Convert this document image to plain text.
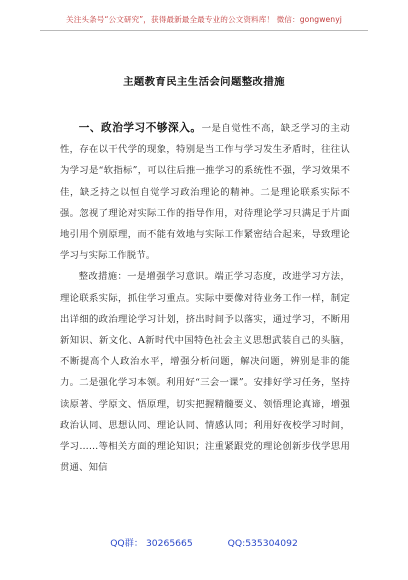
关注头条号“公文研究”，获得最新最全最专业的公文资料库！ 微信：gongwenyj
主题教育民主生活会问题整改措施

一、政治学习不够深入。一是自觉性不高，缺乏学习的主动性，存在以干代学的现象，特别是当工作与学习发生矛盾时，往往认为学习是“软指标”，可以往后推一推学习的系统性不强，学习效果不佳，缺乏持之以恒自觉学习政治理论的精神。二是理论联系实际不强。忽视了理论对实际工作的指导作用，对待理论学习只满足于片面地引用个别原理，而不能有效地与实际工作紧密结合起来，导致理论学习与实际工作脱节。

整改措施：一是增强学习意识。端正学习态度，改进学习方法，理论联系实际，抓住学习重点。实际中要像对待业务工作一样，制定出详细的政治理论学习计划，挤出时间予以落实，通过学习，不断用新知识、新文化、A新时代中国特色社会主义思想武装自己的头脑，不断提高个人政治水平，增强分析问题，解决问题，辨别是非的能力。二是强化学习本领。利用好“三会一课”。安排好学习任务，坚持读原著、学原文、悟原理，切实把握精髓要义、领悟理论真谛，增强政治认同、思想认同、理论认同、情感认同；利用好夜校学习时间，学习……等相关方面的理论知识；注重紧跟党的理论创新步伐学思用贯通、知信

QQ群： 30265665	QQ:535304092
